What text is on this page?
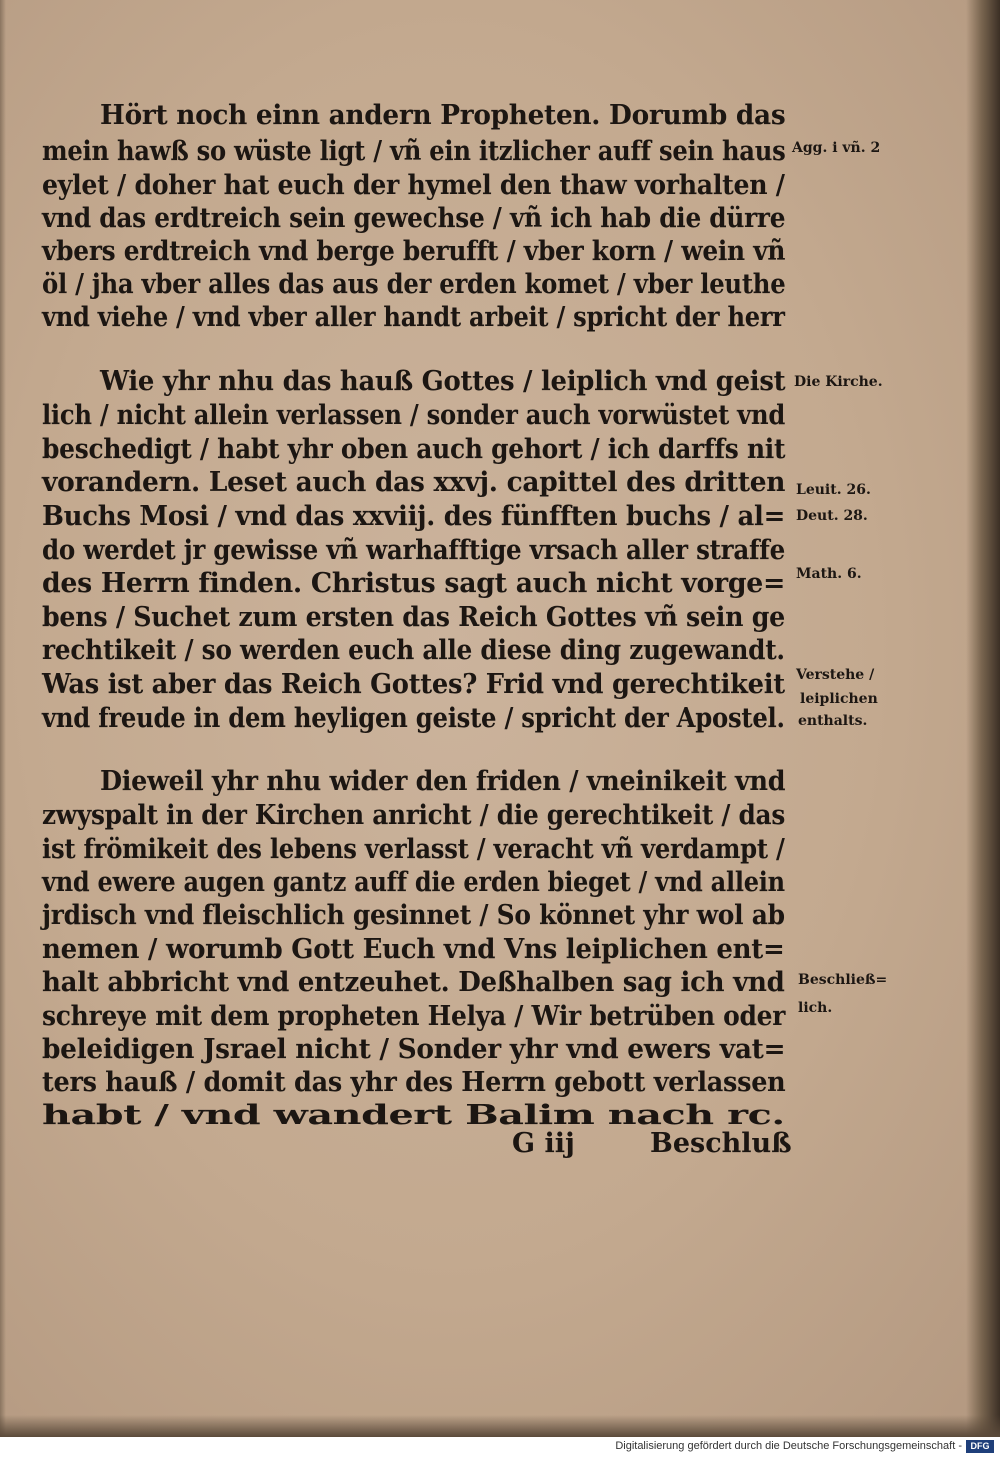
Hört noch einn andern Propheten. Dorumb das

mein hawß so wüste ligt / vñ ein itzlicher auff sein haus

eylet / doher hat euch der hymel den thaw vorhalten /

vnd das erdtreich sein gewechse / vñ ich hab die dürre

vbers erdtreich vnd berge berufft / vber korn / wein vñ

öl / jha vber alles das aus der erden komet / vber leuthe

vnd viehe / vnd vber aller handt arbeit / spricht der herr

Wie yhr nhu das hauß Gottes / leiplich vnd geist

lich / nicht allein verlassen / sonder auch vorwüstet vnd

beschedigt / habt yhr oben auch gehort / ich darffs nit

vorandern. Leset auch das xxvj. capittel des dritten

Buchs Mosi / vnd das xxviij. des fünfften buchs / al=

do werdet jr gewisse vñ warhafftige vrsach aller straffe

des Herrn finden. Christus sagt auch nicht vorge=

bens / Suchet zum ersten das Reich Gottes vñ sein ge

rechtikeit / so werden euch alle diese ding zugewandt.

Was ist aber das Reich Gottes? Frid vnd gerechtikeit

vnd freude in dem heyligen geiste / spricht der Apostel.

Dieweil yhr nhu wider den friden / vneinikeit vnd

zwyspalt in der Kirchen anricht / die gerechtikeit / das

ist frömikeit des lebens verlasst / veracht vñ verdampt /

vnd ewere augen gantz auff die erden bieget / vnd allein

jrdisch vnd fleischlich gesinnet / So könnet yhr wol ab

nemen / worumb Gott Euch vnd Vns leiplichen ent=

halt abbricht vnd entzeuhet. Deßhalben sag ich vnd

schreye mit dem propheten Helya / Wir betrüben oder

beleidigen Jsrael nicht / Sonder yhr vnd ewers vat=

ters hauß / domit das yhr des Herrn gebott verlassen

habt / vnd wandert Balim nach rc.

G iij	Beschluß

Agg. i vñ. 2

Die Kirche.

Leuit. 26.

Deut. 28.

Math. 6.

Verstehe /

leiplichen

enthalts.

Beschließ=

lich.

Digitalisierung gefördert durch die Deutsche Forschungsgemeinschaft - DFG
